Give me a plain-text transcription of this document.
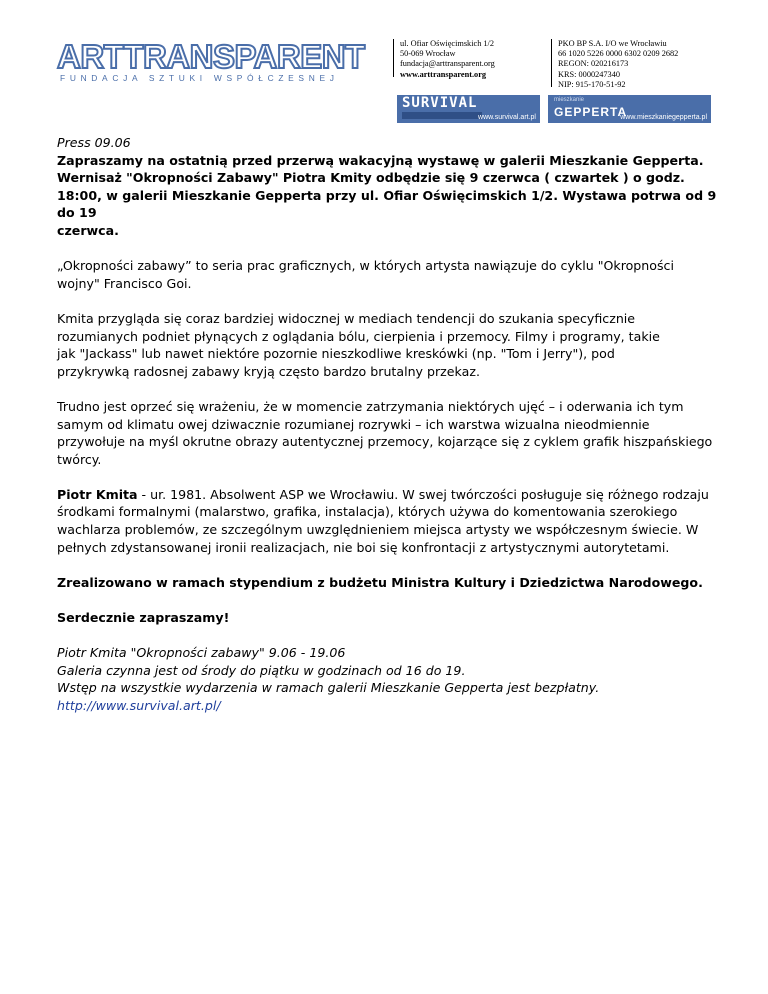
ARTTRANSPARENT
FUNDACJA SZTUKI WSPÓŁCZESNEJ
ul. Ofiar Oświęcimskich 1/2
50-069 Wrocław
fundacja@arttransparent.org
www.arttransparent.org
PKO BP S.A. I/O we Wrocławiu
66 1020 5226 0000 6302 0209 2682
REGON: 020216173
KRS: 0000247340
NIP: 915-170-51-92
SURVIVAL
www.survival.art.pl
mieszkanie
GEPPERTA
www.mieszkaniegepperta.pl

Press 09.06

Zapraszamy na ostatnią przed przerwą wakacyjną wystawę w galerii Mieszkanie Gepperta.

Wernisaż "Okropności Zabawy" Piotra Kmity odbędzie się 9 czerwca ( czwartek ) o godz.

18:00, w galerii Mieszkanie Gepperta przy ul. Ofiar Oświęcimskich 1/2. Wystawa potrwa od 9 do 19

czerwca.

„Okropności zabawy” to seria prac graficznych, w których artysta nawiązuje do cyklu "Okropności

wojny" Francisco Goi.

Kmita przygląda się coraz bardziej widocznej w mediach tendencji do szukania specyficznie

rozumianych podniet płynących z oglądania bólu, cierpienia i przemocy. Filmy i programy, takie

jak "Jackass" lub nawet niektóre pozornie nieszkodliwe kreskówki (np. "Tom i Jerry"), pod

przykrywką radosnej zabawy kryją często bardzo brutalny przekaz.

Trudno jest oprzeć się wrażeniu, że w momencie zatrzymania niektórych ujęć – i oderwania ich tym

samym od klimatu owej dziwacznie rozumianej rozrywki – ich warstwa wizualna nieodmiennie

przywołuje na myśl okrutne obrazy autentycznej przemocy, kojarzące się z cyklem grafik hiszpańskiego

twórcy.

Piotr Kmita - ur. 1981. Absolwent ASP we Wrocławiu. W swej twórczości posługuje się różnego rodzaju

środkami formalnymi (malarstwo, grafika, instalacja), których używa do komentowania szerokiego

wachlarza problemów, ze szczególnym uwzględnieniem miejsca artysty we współczesnym świecie. W

pełnych zdystansowanej ironii realizacjach, nie boi się konfrontacji z artystycznymi autorytetami.

Zrealizowano w ramach stypendium z budżetu Ministra Kultury i Dziedzictwa Narodowego.

Serdecznie zapraszamy!

Piotr Kmita "Okropności zabawy" 9.06 - 19.06

Galeria czynna jest od środy do piątku w godzinach od 16 do 19.

Wstęp na wszystkie wydarzenia w ramach galerii Mieszkanie Gepperta jest bezpłatny.

http://www.survival.art.pl/
